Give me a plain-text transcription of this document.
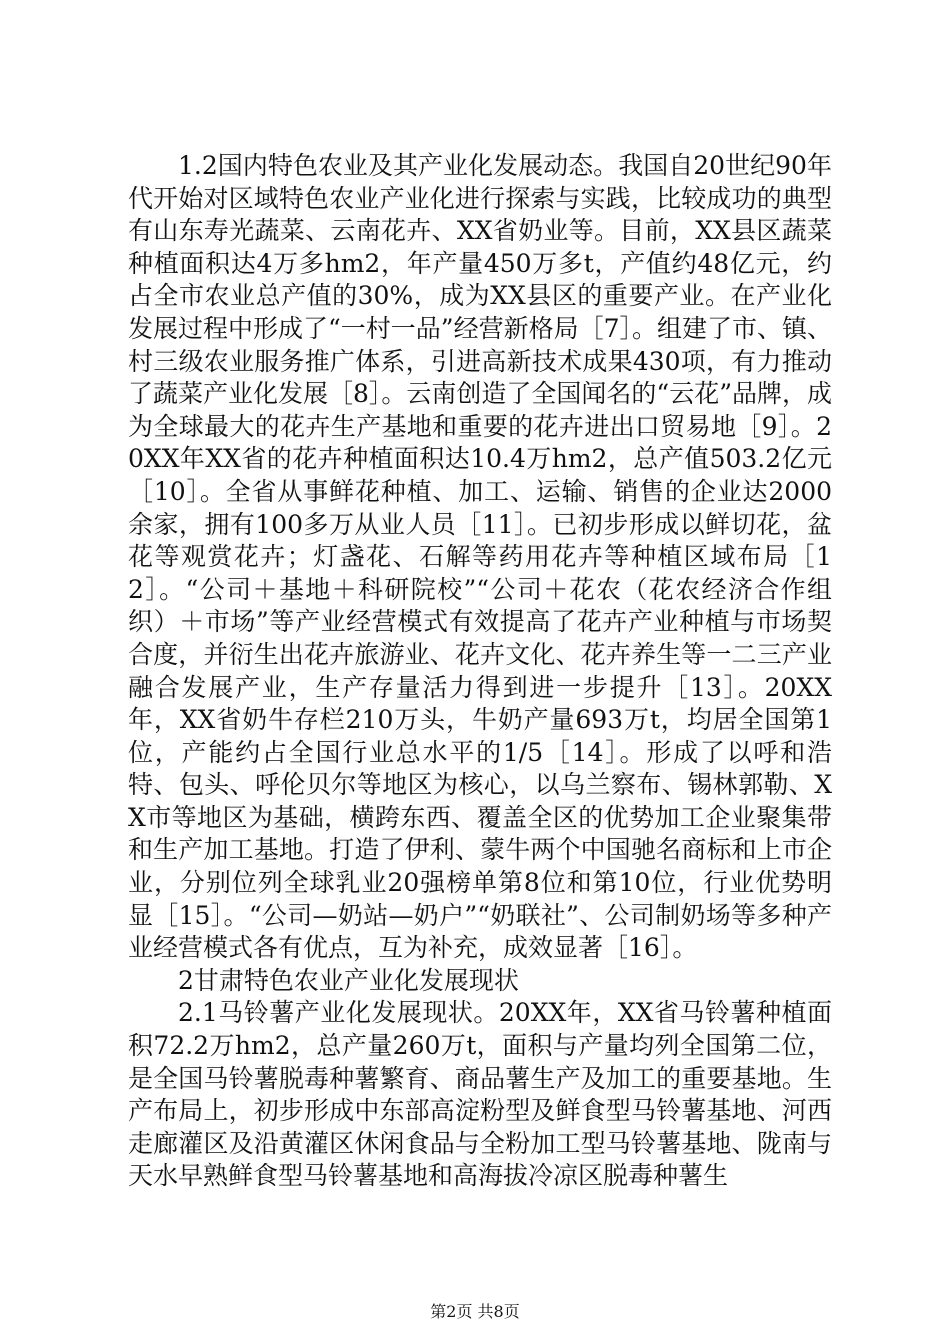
1.2国内特色农业及其产业化发展动态。我国自20世纪90年代开始对区域特色农业产业化进行探索与实践，比较成功的典型有山东寿光蔬菜、云南花卉、XX省奶业等。目前，XX县区蔬菜种植面积达4万多hm2，年产量450万多t，产值约48亿元，约占全市农业总产值的30%，成为XX县区的重要产业。在产业化发展过程中形成了“一村一品”经营新格局［7］。组建了市、镇、村三级农业服务推广体系，引进高新技术成果430项，有力推动了蔬菜产业化发展［8］。云南创造了全国闻名的“云花”品牌，成为全球最大的花卉生产基地和重要的花卉进出口贸易地［9］。20XX年XX省的花卉种植面积达10.4万hm2，总产值503.2亿元［10］。全省从事鲜花种植、加工、运输、销售的企业达2000余家，拥有100多万从业人员［11］。已初步形成以鲜切花，盆花等观赏花卉；灯盏花、石解等药用花卉等种植区域布局［12］。“公司＋基地＋科研院校”“公司＋花农（花农经济合作组织）＋市场”等产业经营模式有效提高了花卉产业种植与市场契合度，并衍生出花卉旅游业、花卉文化、花卉养生等一二三产业融合发展产业，生产存量活力得到进一步提升［13］。20XX年，XX省奶牛存栏210万头，牛奶产量693万t，均居全国第1位，产能约占全国行业总水平的1/5［14］。形成了以呼和浩特、包头、呼伦贝尔等地区为核心，以乌兰察布、锡林郭勒、XX市等地区为基础，横跨东西、覆盖全区的优势加工企业聚集带和生产加工基地。打造了伊利、蒙牛两个中国驰名商标和上市企业，分别位列全球乳业20强榜单第8位和第10位，行业优势明显［15］。“公司—奶站—奶户”“奶联社”、公司制奶场等多种产业经营模式各有优点，互为补充，成效显著［16］。

2甘肃特色农业产业化发展现状

2.1马铃薯产业化发展现状。20XX年，XX省马铃薯种植面积72.2万hm2，总产量260万t，面积与产量均列全国第二位，是全国马铃薯脱毒种薯繁育、商品薯生产及加工的重要基地。生产布局上，初步形成中东部高淀粉型及鲜食型马铃薯基地、河西走廊灌区及沿黄灌区休闲食品与全粉加工型马铃薯基地、陇南与天水早熟鲜食型马铃薯基地和高海拔冷凉区脱毒种薯生

第2页 共8页
